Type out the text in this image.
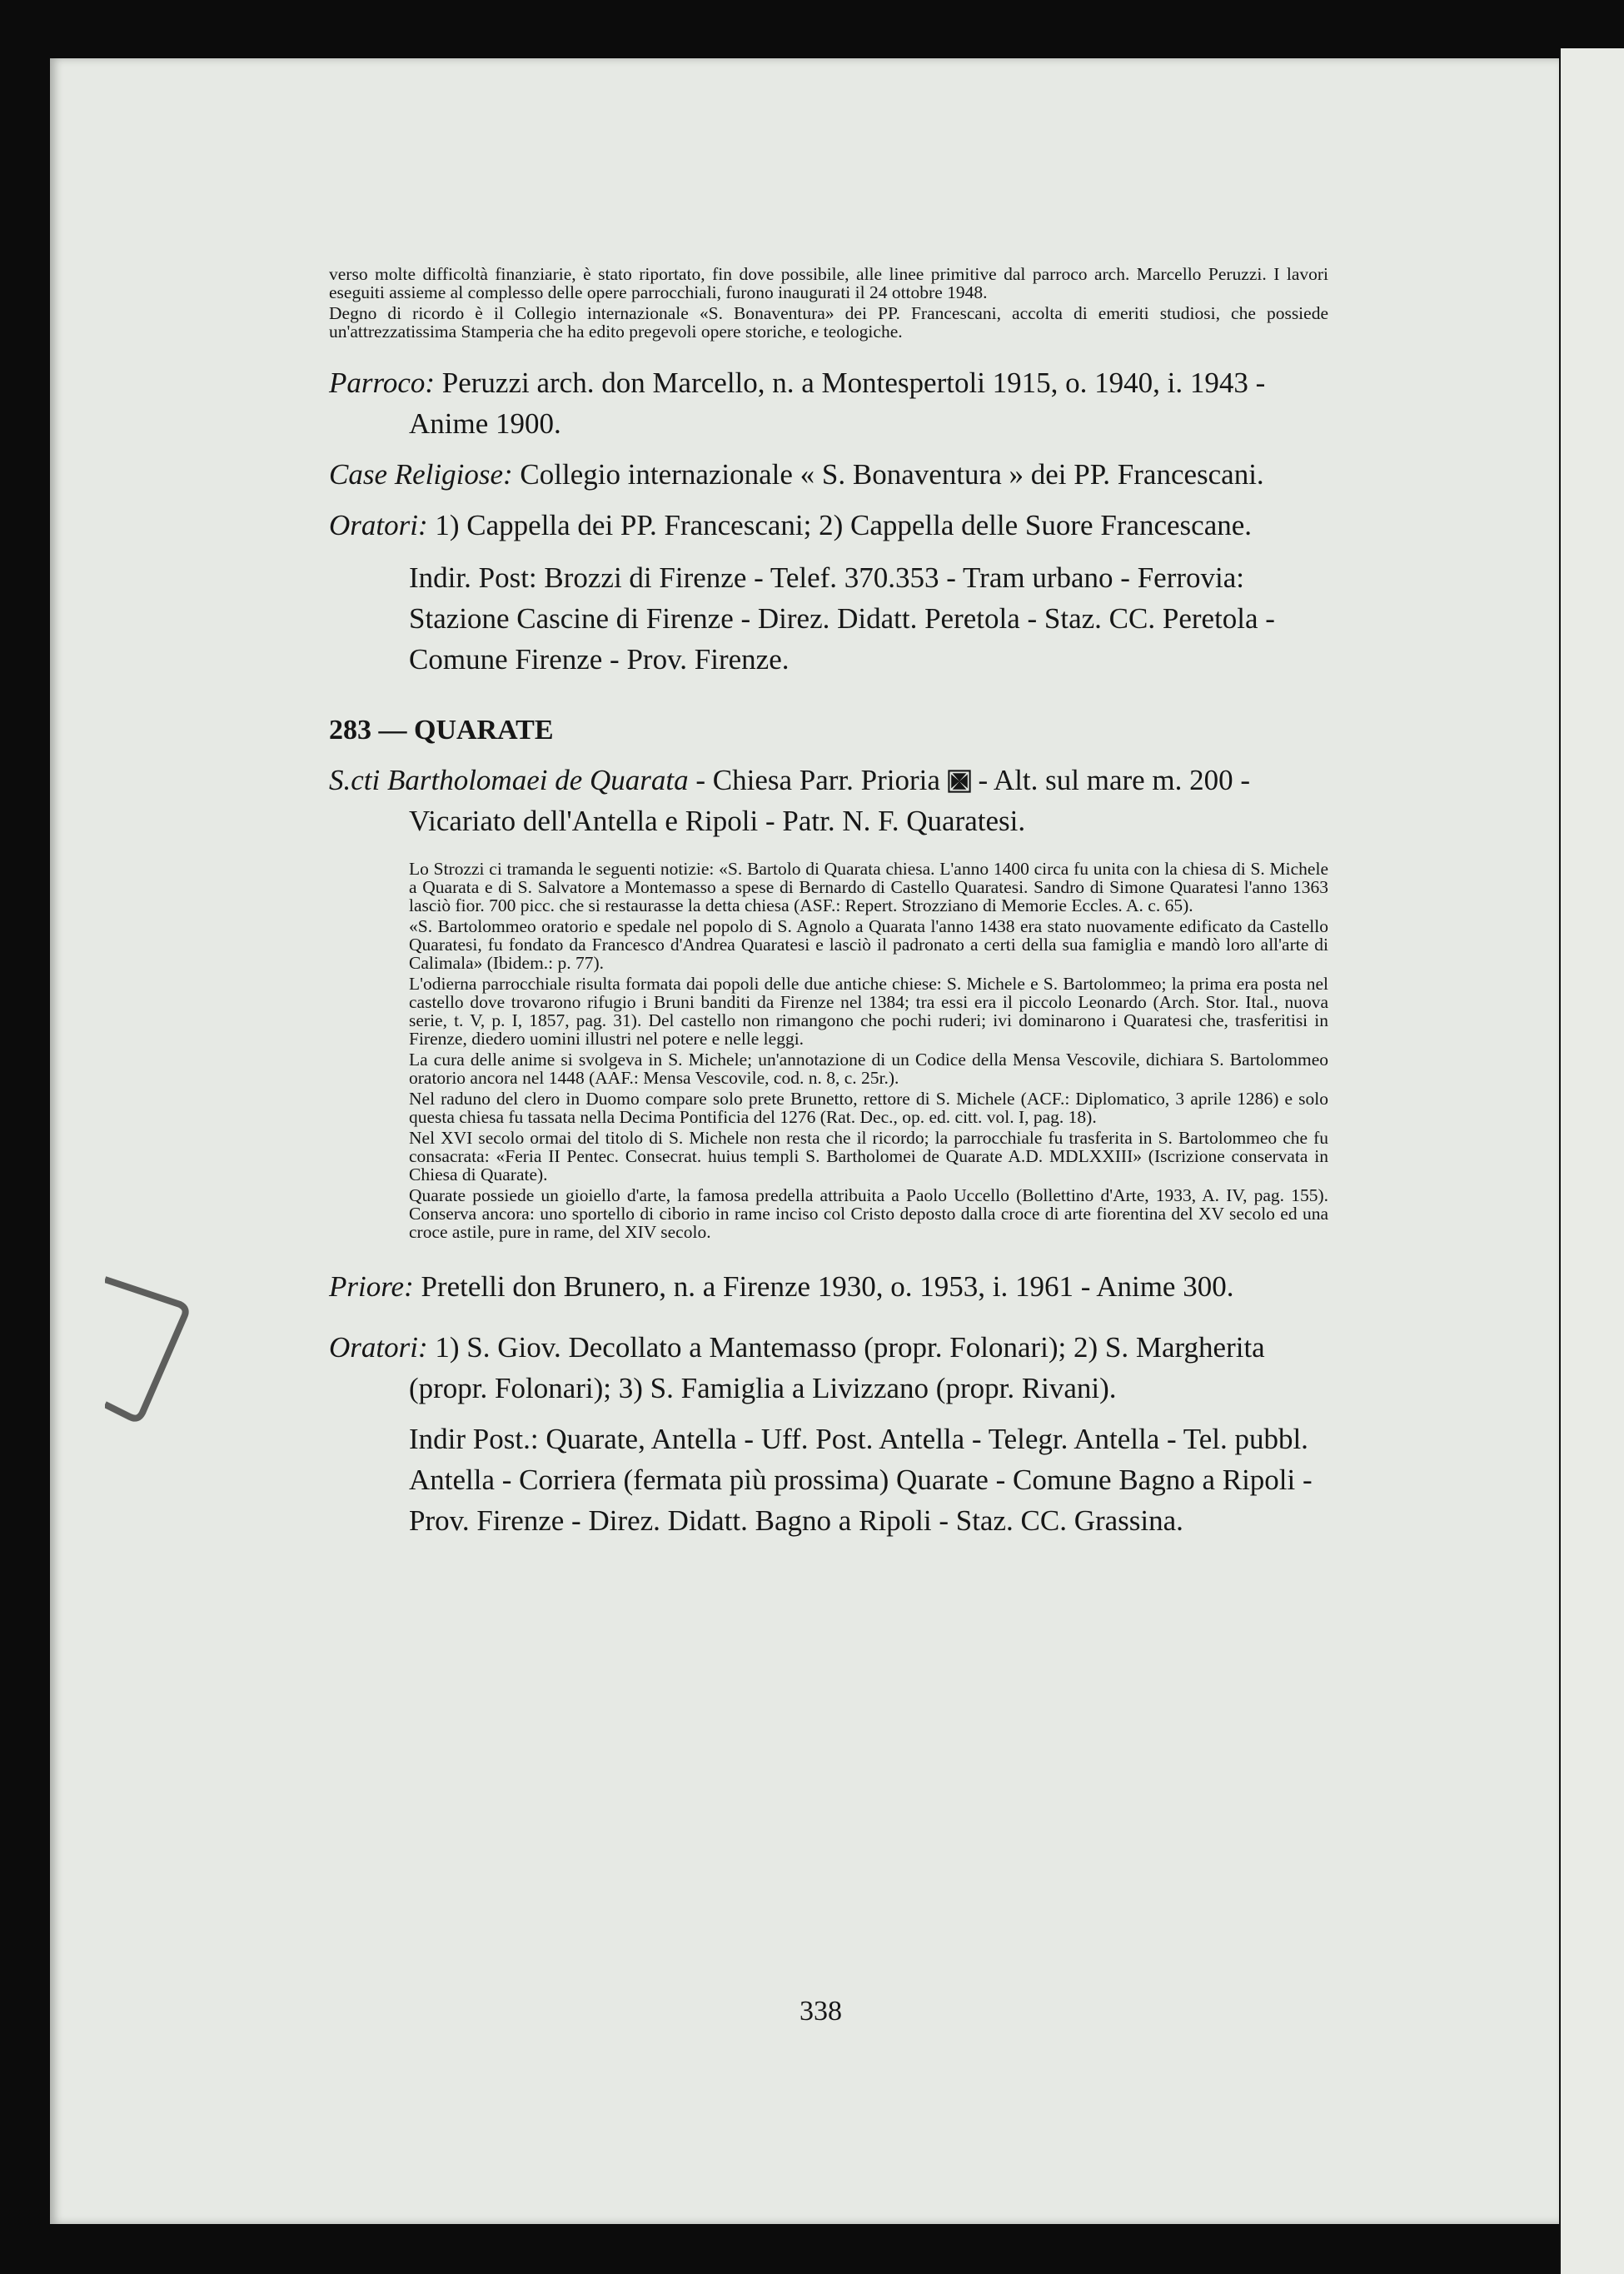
verso molte difficoltà finanziarie, è stato riportato, fin dove possibile, alle linee primitive dal parroco arch. Marcello Peruzzi. I lavori eseguiti assieme al complesso delle opere parrocchiali, furono inaugurati il 24 ottobre 1948.

Degno di ricordo è il Collegio internazionale «S. Bonaventura» dei PP. Francescani, accolta di emeriti studiosi, che possiede un'attrezzatissima Stamperia che ha edito pregevoli opere storiche, e teologiche.

Parroco: Peruzzi arch. don Marcello, n. a Montespertoli 1915, o. 1940, i. 1943 - Anime 1900.

Case Religiose: Collegio internazionale « S. Bonaventura » dei PP. Francescani.

Oratori: 1) Cappella dei PP. Francescani; 2) Cappella delle Suore Francescane.

Indir. Post: Brozzi di Firenze - Telef. 370.353 - Tram urbano - Ferrovia: Stazione Cascine di Firenze - Direz. Didatt. Peretola - Staz. CC. Peretola - Comune Firenze - Prov. Firenze.

283 — QUARATE

S.cti Bartholomaei de Quarata - Chiesa Parr. Prioria - Alt. sul mare m. 200 - Vicariato dell'Antella e Ripoli - Patr. N. F. Quaratesi.

Lo Strozzi ci tramanda le seguenti notizie: «S. Bartolo di Quarata chiesa. L'anno 1400 circa fu unita con la chiesa di S. Michele a Quarata e di S. Salvatore a Montemasso a spese di Bernardo di Castello Quaratesi. Sandro di Simone Quaratesi l'anno 1363 lasciò fior. 700 picc. che si restaurasse la detta chiesa (ASF.: Repert. Strozziano di Memorie Eccles. A. c. 65).

«S. Bartolommeo oratorio e spedale nel popolo di S. Agnolo a Quarata l'anno 1438 era stato nuovamente edificato da Castello Quaratesi, fu fondato da Francesco d'Andrea Quaratesi e lasciò il padronato a certi della sua famiglia e mandò loro all'arte di Calimala» (Ibidem.: p. 77).

L'odierna parrocchiale risulta formata dai popoli delle due antiche chiese: S. Michele e S. Bartolommeo; la prima era posta nel castello dove trovarono rifugio i Bruni banditi da Firenze nel 1384; tra essi era il piccolo Leonardo (Arch. Stor. Ital., nuova serie, t. V, p. I, 1857, pag. 31). Del castello non rimangono che pochi ruderi; ivi dominarono i Quaratesi che, trasferitisi in Firenze, diedero uomini illustri nel potere e nelle leggi.

La cura delle anime si svolgeva in S. Michele; un'annotazione di un Codice della Mensa Vescovile, dichiara S. Bartolommeo oratorio ancora nel 1448 (AAF.: Mensa Vescovile, cod. n. 8, c. 25r.).

Nel raduno del clero in Duomo compare solo prete Brunetto, rettore di S. Michele (ACF.: Diplomatico, 3 aprile 1286) e solo questa chiesa fu tassata nella Decima Pontificia del 1276 (Rat. Dec., op. ed. citt. vol. I, pag. 18).

Nel XVI secolo ormai del titolo di S. Michele non resta che il ricordo; la parrocchiale fu trasferita in S. Bartolommeo che fu consacrata: «Feria II Pentec. Consecrat. huius templi S. Bartholomei de Quarate A.D. MDLXXIII» (Iscrizione conservata in Chiesa di Quarate).

Quarate possiede un gioiello d'arte, la famosa predella attribuita a Paolo Uccello (Bollettino d'Arte, 1933, A. IV, pag. 155). Conserva ancora: uno sportello di ciborio in rame inciso col Cristo deposto dalla croce di arte fiorentina del XV secolo ed una croce astile, pure in rame, del XIV secolo.

Priore: Pretelli don Brunero, n. a Firenze 1930, o. 1953, i. 1961 - Anime 300.

Oratori: 1) S. Giov. Decollato a Mantemasso (propr. Folonari); 2) S. Margherita (propr. Folonari); 3) S. Famiglia a Livizzano (propr. Rivani).

Indir Post.: Quarate, Antella - Uff. Post. Antella - Telegr. Antella - Tel. pubbl. Antella - Corriera (fermata più prossima) Quarate - Comune Bagno a Ripoli - Prov. Firenze - Direz. Didatt. Bagno a Ripoli - Staz. CC. Grassina.

338
